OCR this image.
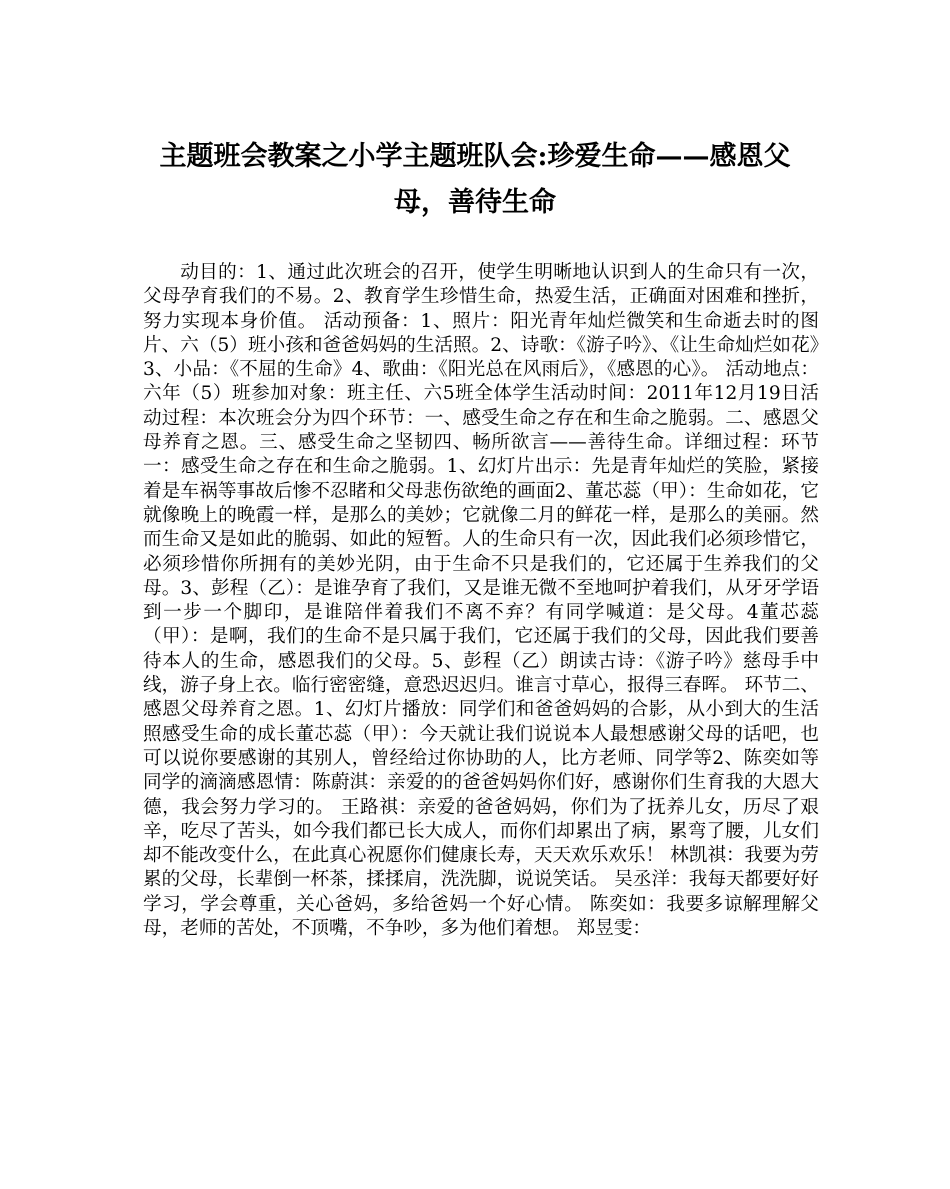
主题班会教案之小学主题班队会:珍爱生命——感恩父母，善待生命

动目的：1、通过此次班会的召开，使学生明晰地认识到人的生命只有一次，父母孕育我们的不易。2、教育学生珍惜生命，热爱生活，正确面对困难和挫折，努力实现本身价值。 活动预备：1、照片：阳光青年灿烂微笑和生命逝去时的图片、六（5）班小孩和爸爸妈妈的生活照。2、诗歌：《游子吟》、《让生命灿烂如花》3、小品：《不屈的生命》4、歌曲：《阳光总在风雨后》，《感恩的心》。 活动地点：六年（5）班参加对象：班主任、六5班全体学生活动时间：2011年12月19日活动过程：本次班会分为四个环节：一、感受生命之存在和生命之脆弱。二、感恩父母养育之恩。三、感受生命之坚韧四、畅所欲言——善待生命。详细过程：环节一：感受生命之存在和生命之脆弱。1、幻灯片出示：先是青年灿烂的笑脸，紧接着是车祸等事故后惨不忍睹和父母悲伤欲绝的画面2、董芯蕊（甲）：生命如花，它就像晚上的晚霞一样，是那么的美妙；它就像二月的鲜花一样，是那么的美丽。然而生命又是如此的脆弱、如此的短暂。人的生命只有一次，因此我们必须珍惜它，必须珍惜你所拥有的美妙光阴，由于生命不只是我们的，它还属于生养我们的父母。3、彭程（乙）：是谁孕育了我们，又是谁无微不至地呵护着我们，从牙牙学语到一步一个脚印，是谁陪伴着我们不离不弃？有同学喊道：是父母。4董芯蕊（甲）：是啊，我们的生命不是只属于我们，它还属于我们的父母，因此我们要善待本人的生命，感恩我们的父母。5、彭程（乙）朗读古诗：《游子吟》慈母手中线，游子身上衣。临行密密缝，意恐迟迟归。谁言寸草心，报得三春晖。 环节二、感恩父母养育之恩。1、幻灯片播放：同学们和爸爸妈妈的合影，从小到大的生活照感受生命的成长董芯蕊（甲）：今天就让我们说说本人最想感谢父母的话吧，也可以说你要感谢的其别人，曾经给过你协助的人，比方老师、同学等2、陈奕如等同学的滴滴感恩情：陈蔚淇：亲爱的的爸爸妈妈你们好，感谢你们生育我的大恩大德，我会努力学习的。 王路祺：亲爱的爸爸妈妈，你们为了抚养儿女，历尽了艰辛，吃尽了苦头，如今我们都已长大成人，而你们却累出了病，累弯了腰，儿女们却不能改变什么，在此真心祝愿你们健康长寿，天天欢乐欢乐！ 林凯祺：我要为劳累的父母，长辈倒一杯茶，揉揉肩，洗洗脚，说说笑话。 吴丞洋：我每天都要好好学习，学会尊重，关心爸妈，多给爸妈一个好心情。 陈奕如：我要多谅解理解父母，老师的苦处，不顶嘴，不争吵，多为他们着想。 郑昱雯：
